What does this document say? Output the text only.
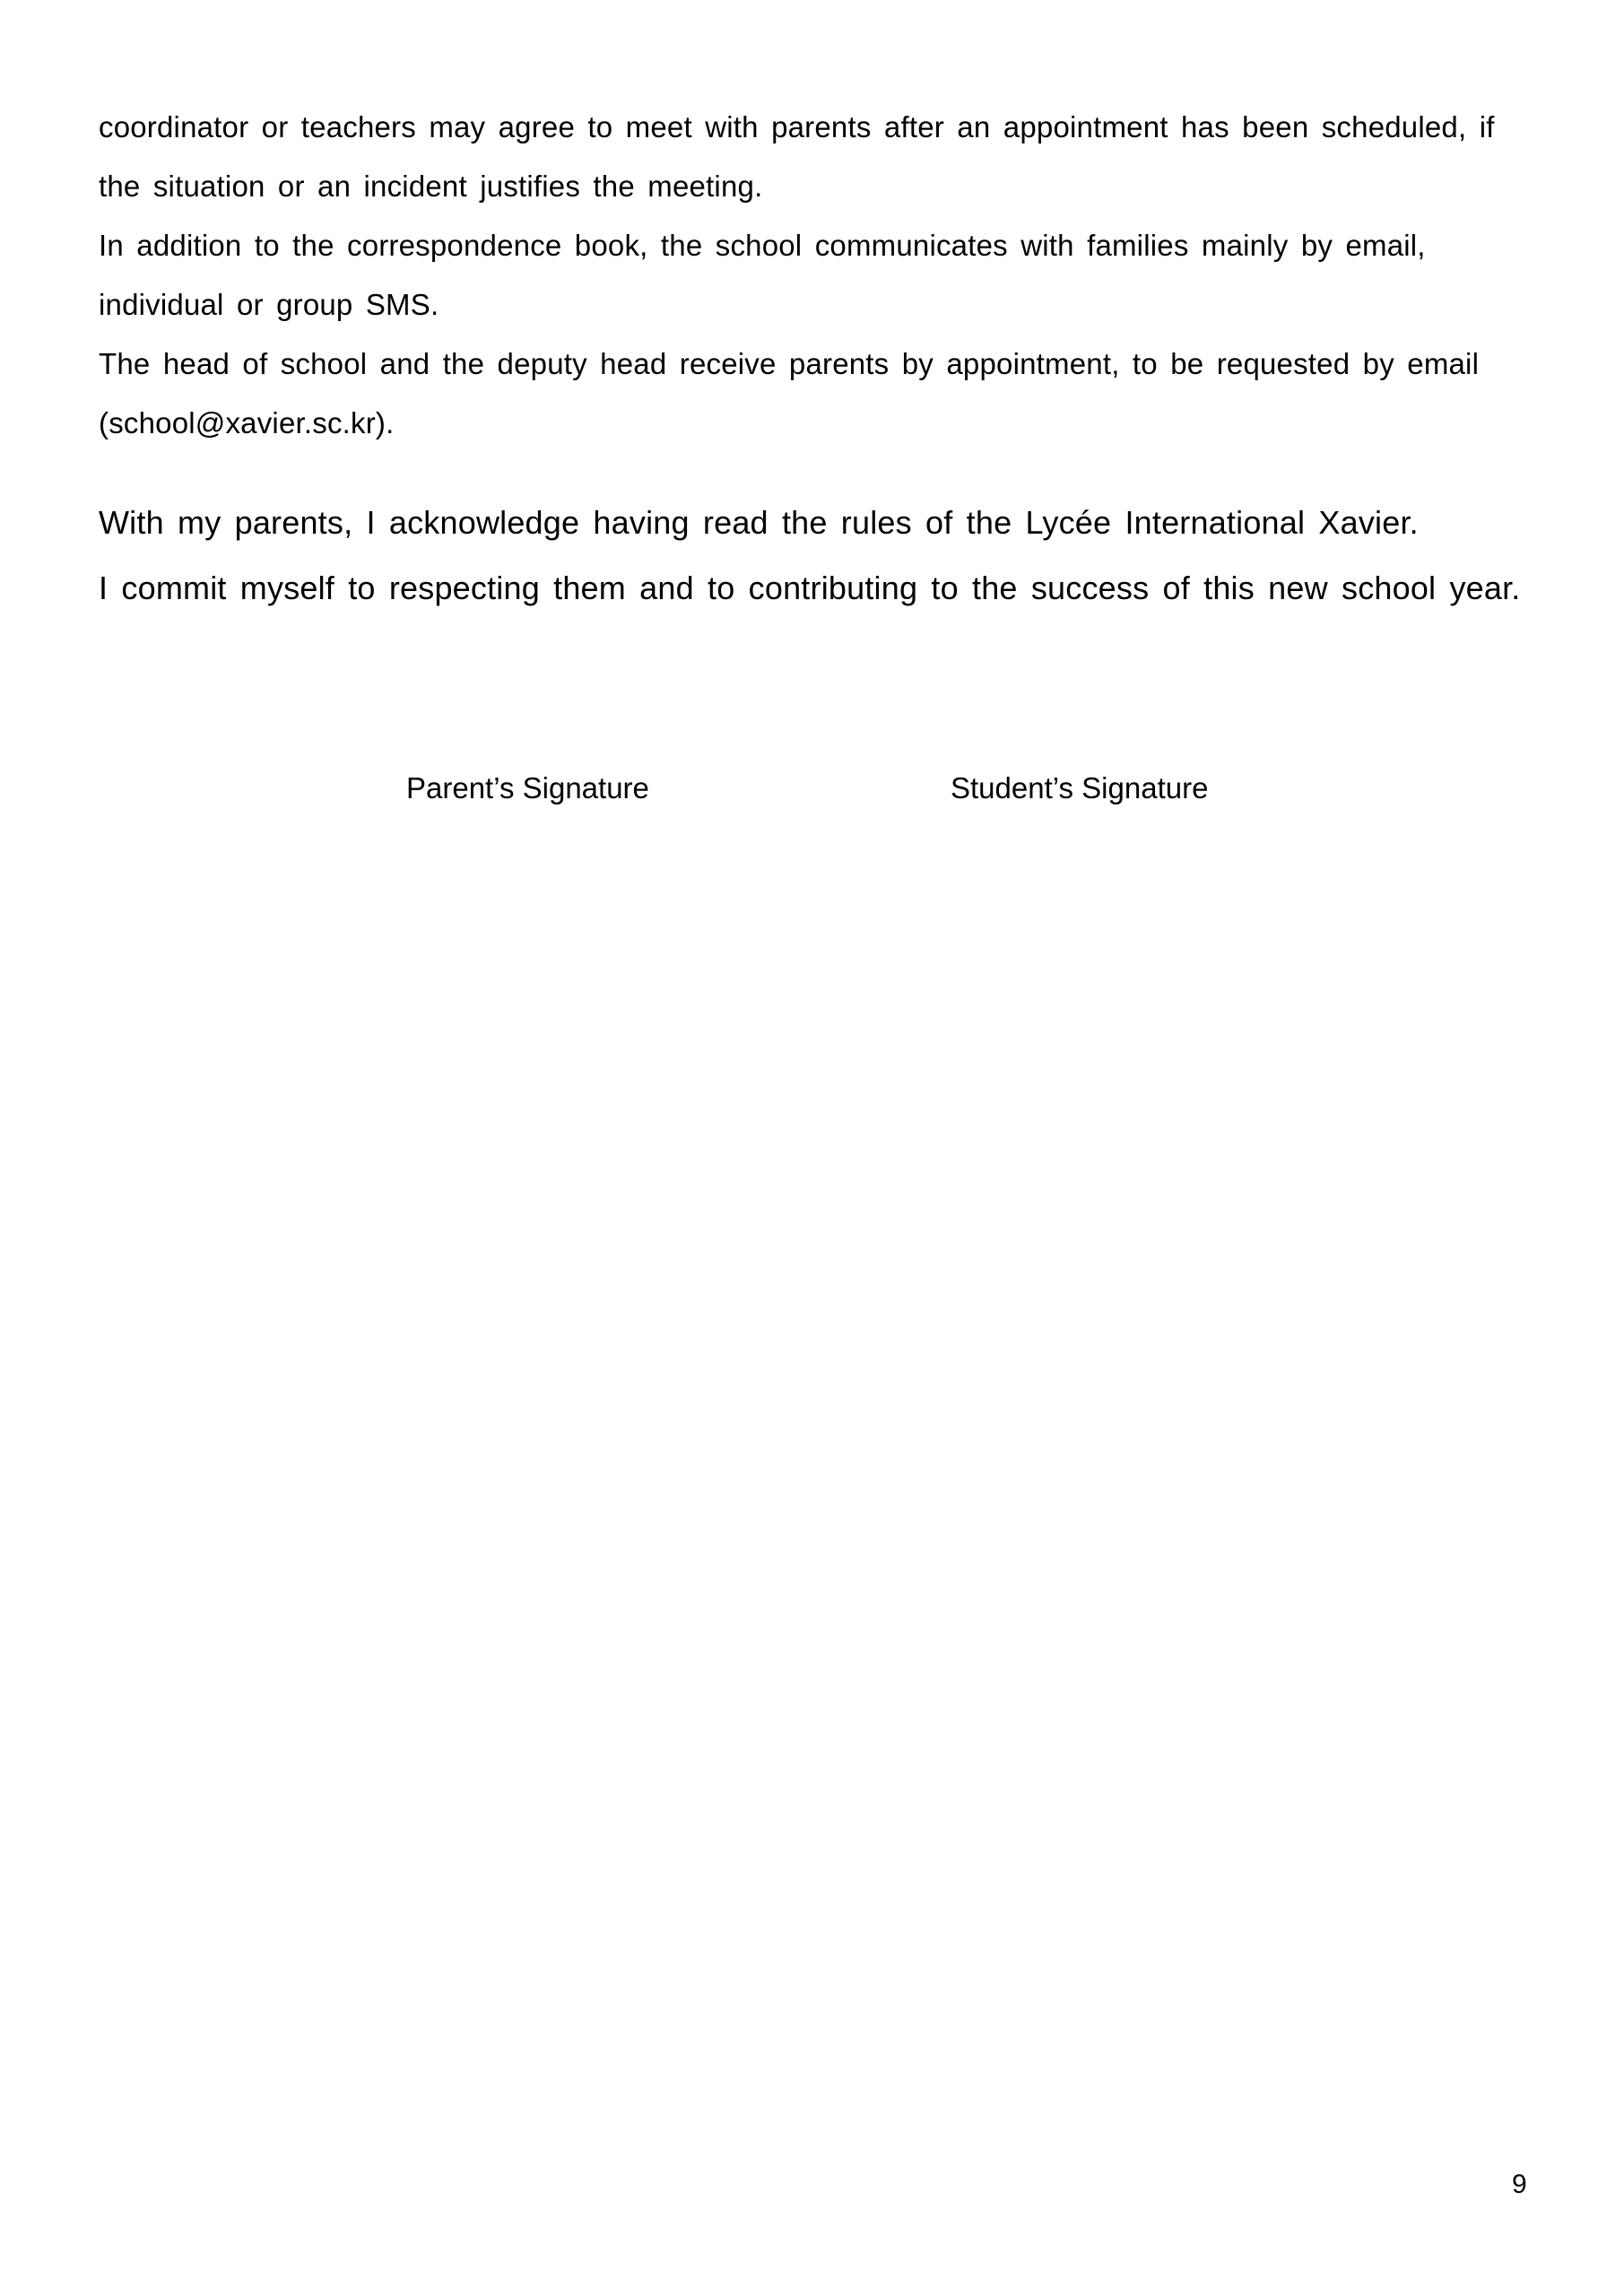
coordinator or teachers may agree to meet with parents after an appointment has been scheduled, if
the situation or an incident justifies the meeting.
In addition to the correspondence book, the school communicates with families mainly by email,
individual or group SMS.
The head of school and the deputy head receive parents by appointment, to be requested by email
(school@xavier.sc.kr).
With my parents, I acknowledge having read the rules of the Lycée International Xavier.
I commit myself to respecting them and to contributing to the success of this new school year.
Parent’s Signature	Student’s Signature
9
